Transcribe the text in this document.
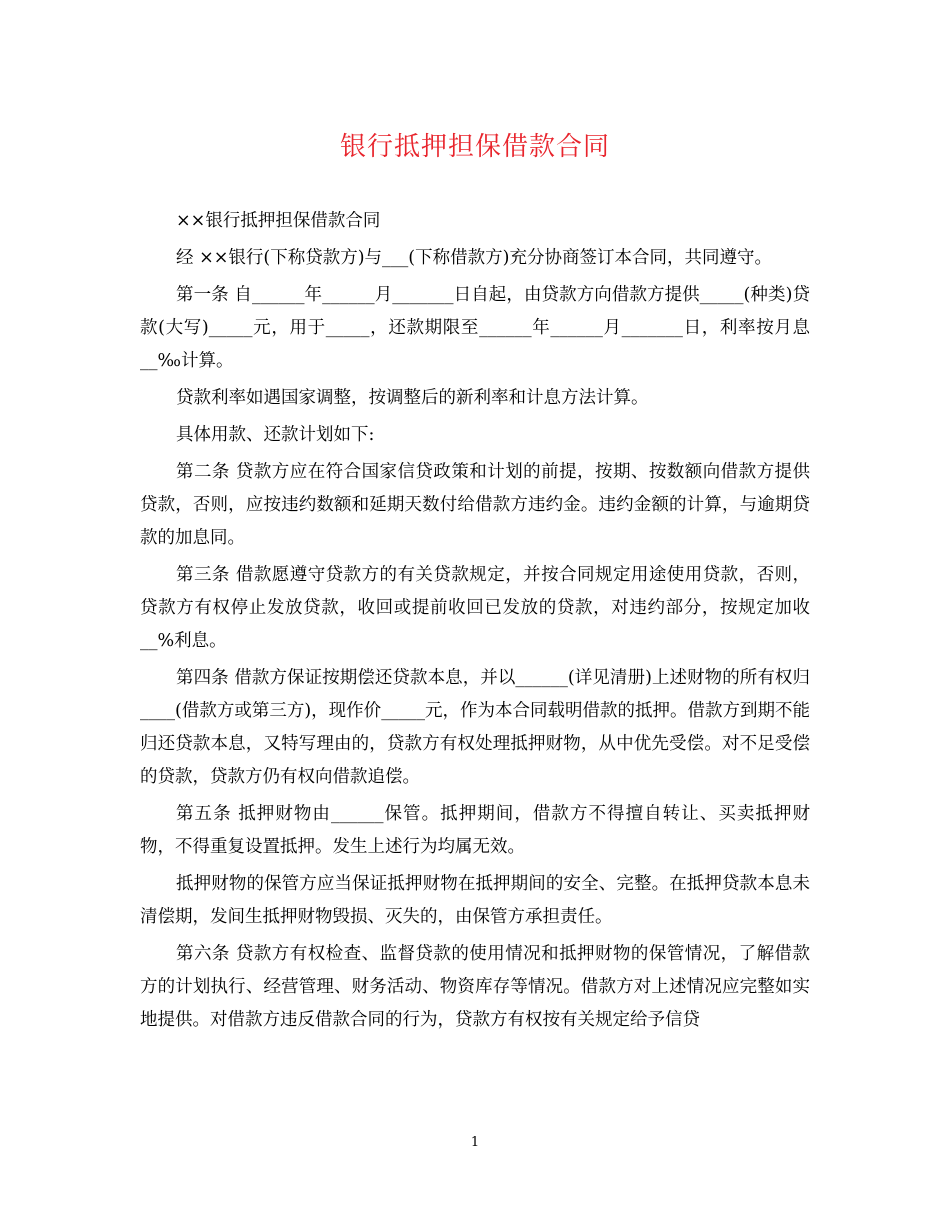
银行抵押担保借款合同

××银行抵押担保借款合同

经 ××银行(下称贷款方)与___(下称借款方)充分协商签订本合同，共同遵守。

第一条 自______年______月_______日自起，由贷款方向借款方提供_____(种类)贷款(大写)_____元，用于_____，还款期限至______年______月_______日，利率按月息__‰计算。

贷款利率如遇国家调整，按调整后的新利率和计息方法计算。

具体用款、还款计划如下:

第二条 贷款方应在符合国家信贷政策和计划的前提，按期、按数额向借款方提供贷款，否则，应按违约数额和延期天数付给借款方违约金。违约金额的计算，与逾期贷款的加息同。

第三条 借款愿遵守贷款方的有关贷款规定，并按合同规定用途使用贷款，否则，贷款方有权停止发放贷款，收回或提前收回已发放的贷款，对违约部分，按规定加收__%利息。

第四条 借款方保证按期偿还贷款本息，并以______(详见清册)上述财物的所有权归____(借款方或第三方)，现作价_____元，作为本合同载明借款的抵押。借款方到期不能归还贷款本息，又特写理由的，贷款方有权处理抵押财物，从中优先受偿。对不足受偿的贷款，贷款方仍有权向借款追偿。

第五条 抵押财物由______保管。抵押期间，借款方不得擅自转让、买卖抵押财物，不得重复设置抵押。发生上述行为均属无效。

抵押财物的保管方应当保证抵押财物在抵押期间的安全、完整。在抵押贷款本息未清偿期，发间生抵押财物毁损、灭失的，由保管方承担责任。

第六条 贷款方有权检查、监督贷款的使用情况和抵押财物的保管情况，了解借款方的计划执行、经营管理、财务活动、物资库存等情况。借款方对上述情况应完整如实地提供。对借款方违反借款合同的行为，贷款方有权按有关规定给予信贷

1
